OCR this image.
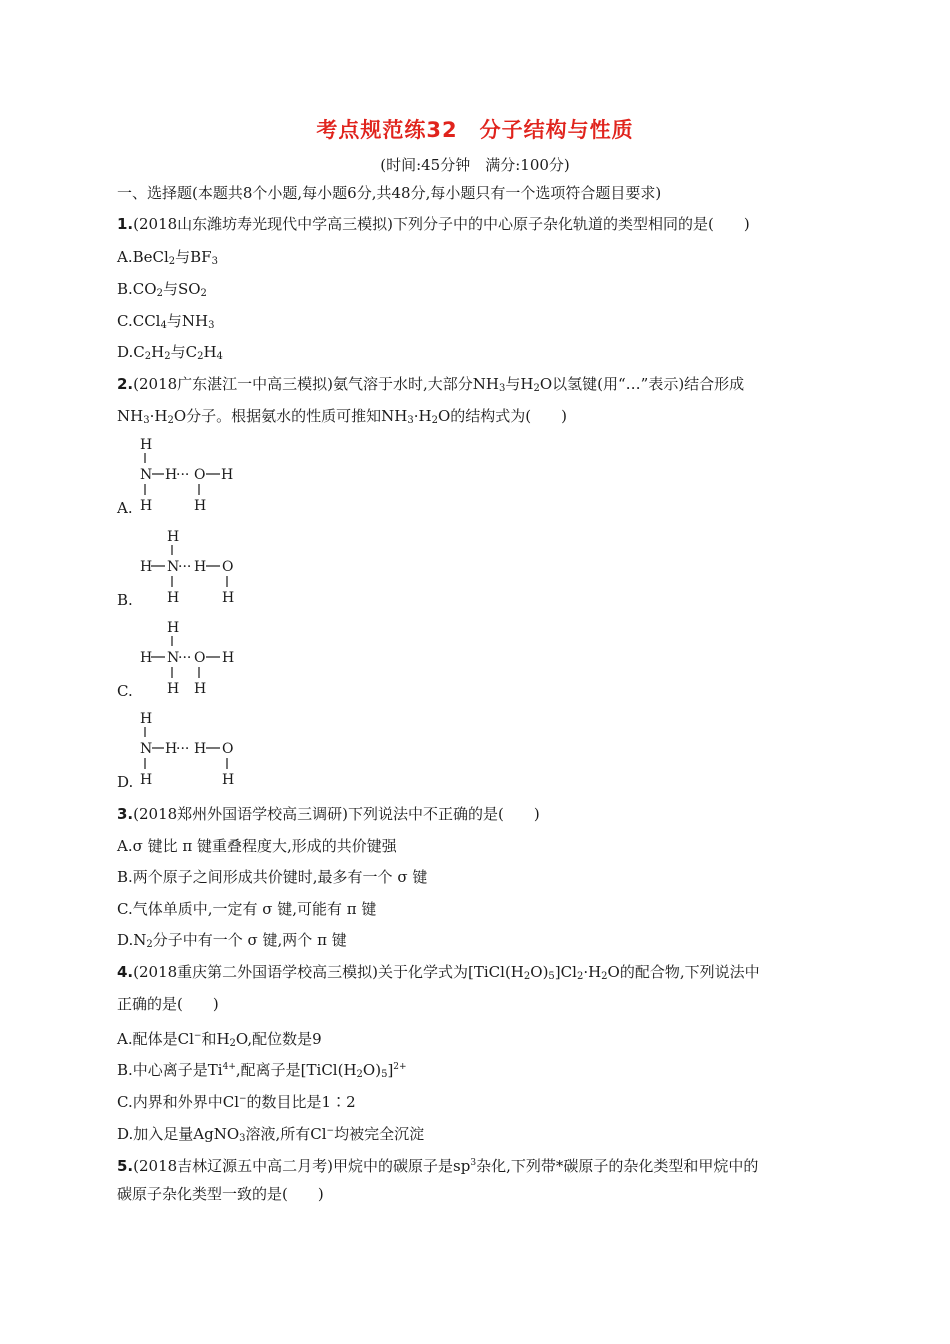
考点规范练32　分子结构与性质
(时间:45分钟　满分:100分)
一、选择题(本题共8个小题,每小题6分,共48分,每小题只有一个选项符合题目要求)
1.(2018山东潍坊寿光现代中学高三模拟)下列分子中的中心原子杂化轨道的类型相同的是( )
A.BeCl$_2$与$BF_3$
$B.CO_2$与$SO_2$
C.CCl$_4$与$NH_3$
$D.C_2H_2$与$C_2H_4$
2.(2018广东湛江一中高三模拟)氨气溶于水时,大部分$NH_3$与$H_2O$以氢键(用“…”表示)结合形成
$NH_3\cdot H_2O$分子。根据氨水的性质可推知$NH_3\cdot H_2O$的结构式为( )
A.
H
N H
··· O H
H	H
B.
H
H N
··· H O
H	H
C.
H
H N
··· O H
H H
D.
H
N H
··· H O
H	H
3.(2018郑州外国语学校高三调研)下列说法中不正确的是( )
A.σ 键比 π 键重叠程度大,形成的共价键强
B.两个原子之间形成共价键时,最多有一个 σ 键
C.气体单质中,一定有 σ 键,可能有 π 键
$D.N_2$分子中有一个 σ 键,两个 π 键
4.(2018重庆第二外国语学校高三模拟)关于化学式为$[TiCl(H_2O)_5]Cl_2\cdot H_2O$的配合物,下列说法中
正确的是( )
A.配体是Cl−和$H_2O$,配位数是9
B.中心离子是$Ti^{4+}$,配离子是$[TiCl(H_2O)_5]^{2+}$
C.内界和外界中Cl−的数目比是1∶2
D.加入足量AgNO$_3$溶液,所有Cl−均被完全沉淀
5.(2018吉林辽源五中高二月考)甲烷中的碳原子是$sp^3$杂化,下列带*碳原子的杂化类型和甲烷中的
碳原子杂化类型一致的是( )
